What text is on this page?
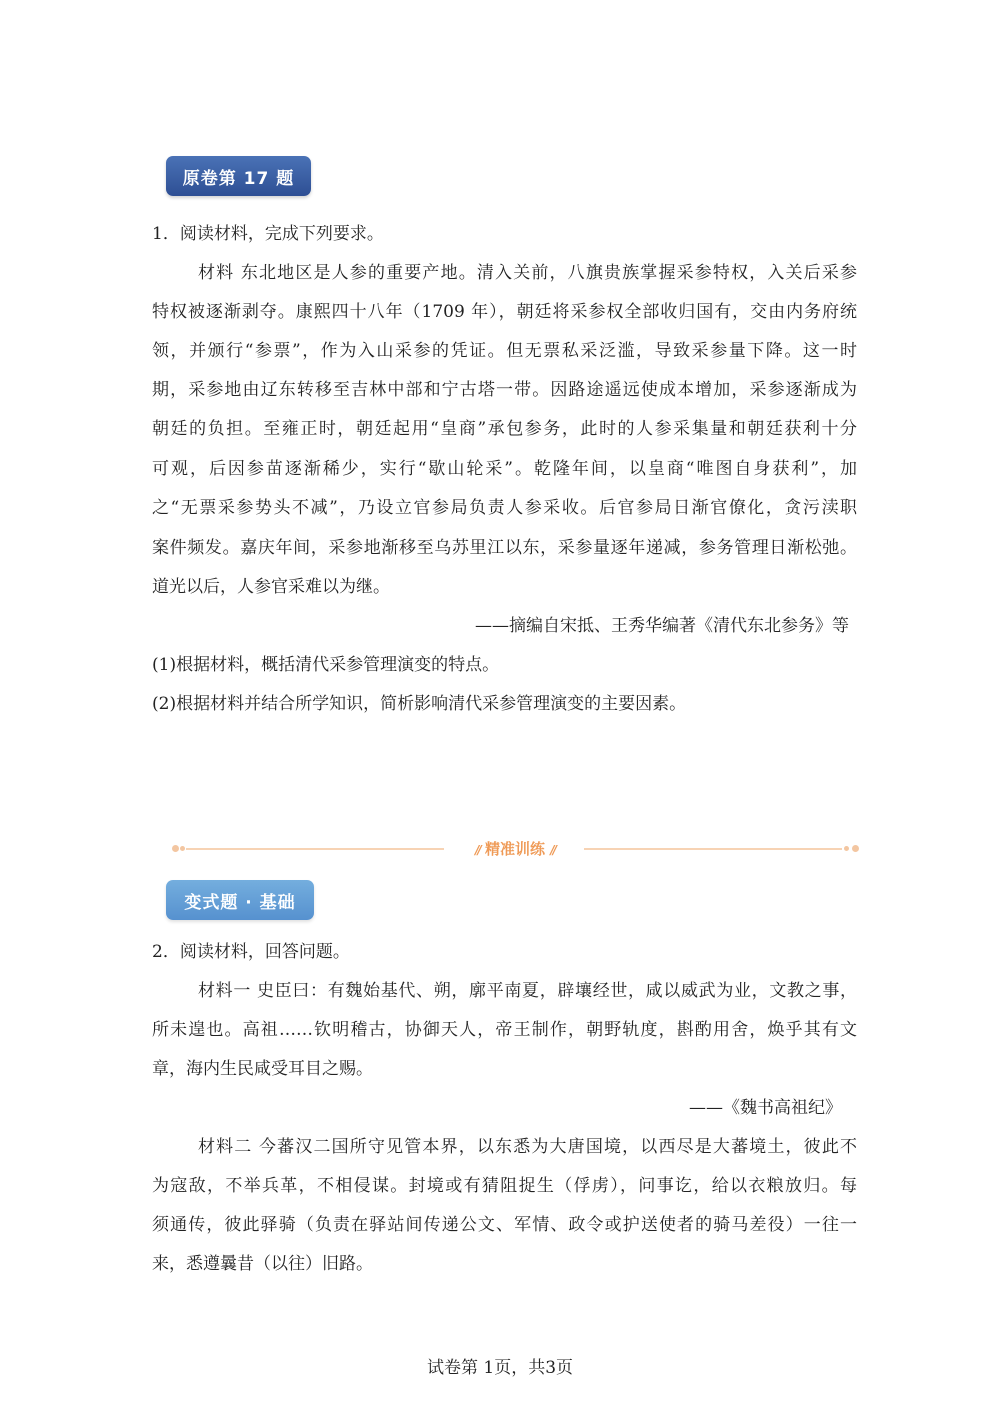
原卷第 17 题
1．阅读材料，完成下列要求。
材料 东北地区是人参的重要产地。清入关前，八旗贵族掌握采参特权，入关后采参
特权被逐渐剥夺。康熙四十八年（1709 年），朝廷将采参权全部收归国有，交由内务府统
领，并颁行“参票”，作为入山采参的凭证。但无票私采泛滥，导致采参量下降。这一时
期，采参地由辽东转移至吉林中部和宁古塔一带。因路途遥远使成本增加，采参逐渐成为
朝廷的负担。至雍正时，朝廷起用“皇商”承包参务，此时的人参采集量和朝廷获利十分
可观，后因参苗逐渐稀少，实行“歇山轮采”。乾隆年间，以皇商“唯图自身获利”，加
之“无票采参势头不减”，乃设立官参局负责人参采收。后官参局日渐官僚化，贪污渎职
案件频发。嘉庆年间，采参地渐移至乌苏里江以东，采参量逐年递减，参务管理日渐松弛。
道光以后，人参官采难以为继。
——摘编自宋抵、王秀华编著《清代东北参务》等
(1)根据材料，概括清代采参管理演变的特点。
(2)根据材料并结合所学知识，简析影响清代采参管理演变的主要因素。
// 精准训练 //
变式题 · 基础
2．阅读材料，回答问题。
材料一 史臣曰：有魏始基代、朔，廓平南夏，辟壤经世，咸以威武为业，文教之事，
所未遑也。高祖……钦明稽古，协御天人，帝王制作，朝野轨度，斟酌用舍，焕乎其有文
章，海内生民咸受耳目之赐。
——《魏书高祖纪》
材料二 今蕃汉二国所守见管本界，以东悉为大唐国境，以西尽是大蕃境土，彼此不
为寇敌，不举兵革，不相侵谋。封境或有猜阻捉生（俘虏），问事讫，给以衣粮放归。每
须通传，彼此驿骑（负责在驿站间传递公文、军情、政令或护送使者的骑马差役）一往一
来，悉遵曩昔（以往）旧路。
试卷第 1页，共3页
